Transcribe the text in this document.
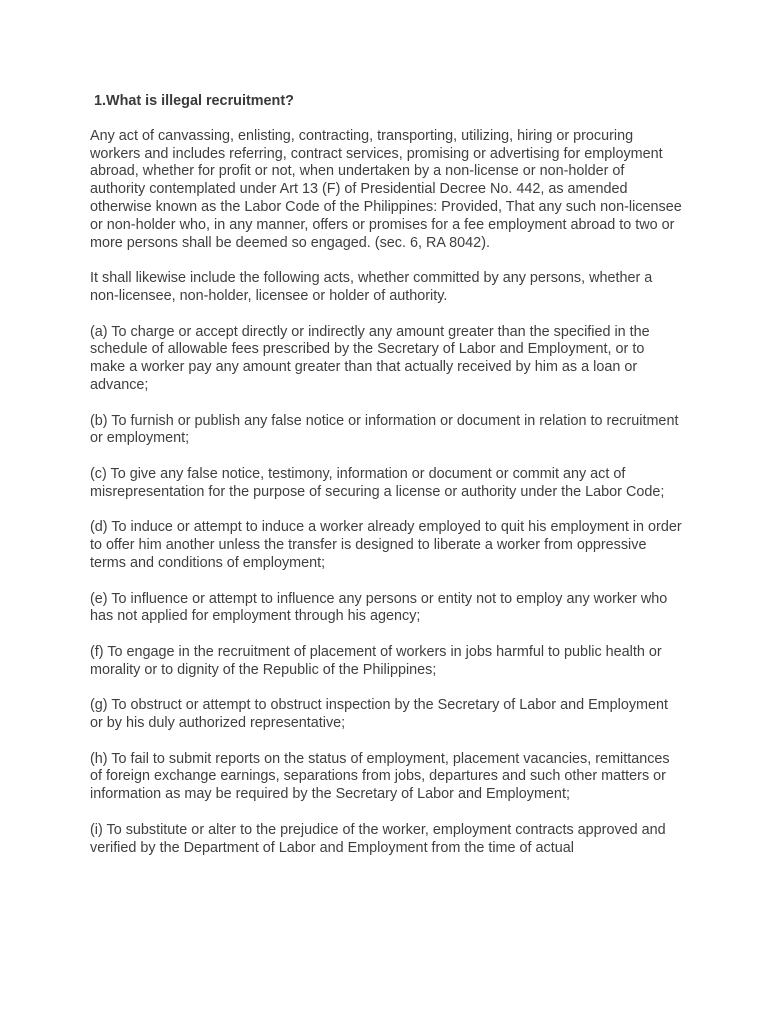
1.What is illegal recruitment?
Any act of canvassing, enlisting, contracting, transporting, utilizing, hiring or procuring workers and includes referring, contract services, promising or advertising for employment abroad, whether for profit or not, when undertaken by a non-license or non-holder of authority contemplated under Art 13 (F) of Presidential Decree No. 442, as amended otherwise known as the Labor Code of the Philippines: Provided, That any such non-licensee or non-holder who, in any manner, offers or promises for a fee employment abroad to two or more persons shall be deemed so engaged. (sec. 6, RA 8042).
It shall likewise include the following acts, whether committed by any persons, whether a non-licensee, non-holder, licensee or holder of authority.
(a) To charge or accept directly or indirectly any amount greater than the specified in the schedule of allowable fees prescribed by the Secretary of Labor and Employment, or to make a worker pay any amount greater than that actually received by him as a loan or advance;
(b) To furnish or publish any false notice or information or document in relation to recruitment or employment;
(c) To give any false notice, testimony, information or document or commit any act of misrepresentation for the purpose of securing a license or authority under the Labor Code;
(d) To induce or attempt to induce a worker already employed to quit his employment in order to offer him another unless the transfer is designed to liberate a worker from oppressive terms and conditions of employment;
(e) To influence or attempt to influence any persons or entity not to employ any worker who has not applied for employment through his agency;
(f) To engage in the recruitment of placement of workers in jobs harmful to public health or morality or to dignity of the Republic of the Philippines;
(g) To obstruct or attempt to obstruct inspection by the Secretary of Labor and Employment or by his duly authorized representative;
(h) To fail to submit reports on the status of employment, placement vacancies, remittances of foreign exchange earnings, separations from jobs, departures and such other matters or information as may be required by the Secretary of Labor and Employment;
(i) To substitute or alter to the prejudice of the worker, employment contracts approved and verified by the Department of Labor and Employment from the time of actual
